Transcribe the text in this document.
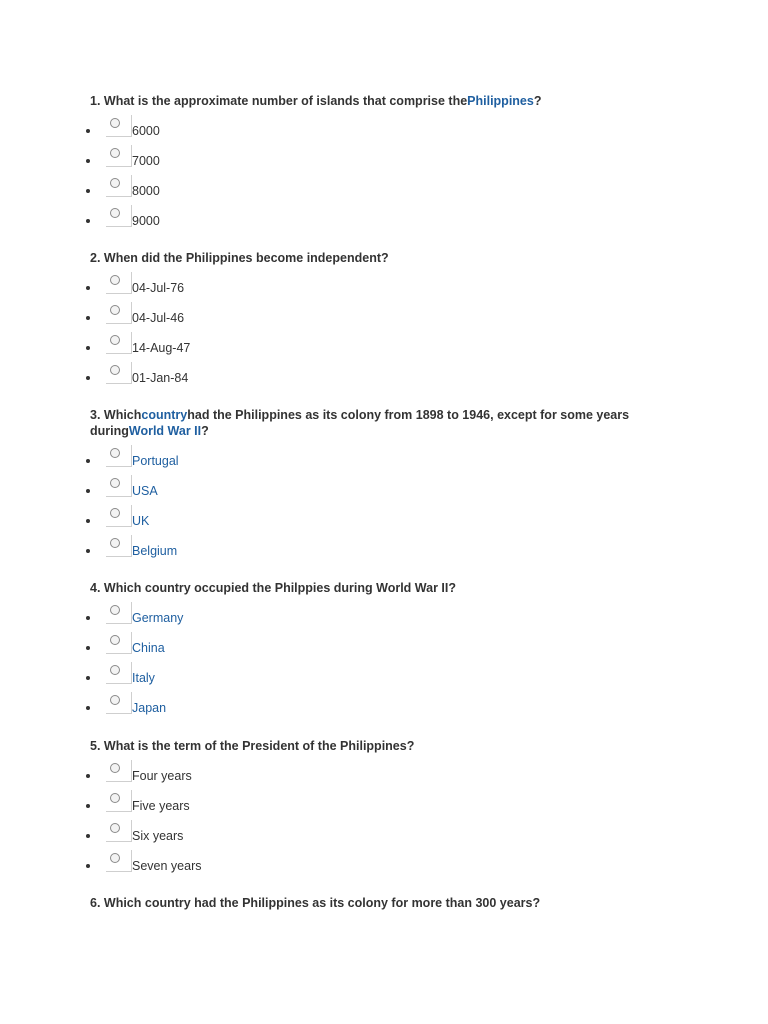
1. What is the approximate number of islands that comprise thePhilippines?
6000
7000
8000
9000
2. When did the Philippines become independent?
04-Jul-76
04-Jul-46
14-Aug-47
01-Jan-84
3. Whichcountryhad the Philippines as its colony from 1898 to 1946, except for some years duringWorld War II?
Portugal
USA
UK
Belgium
4. Which country occupied the Philppies during World War II?
Germany
China
Italy
Japan
5. What is the term of the President of the Philippines?
Four years
Five years
Six years
Seven years
6. Which country had the Philippines as its colony for more than 300 years?
